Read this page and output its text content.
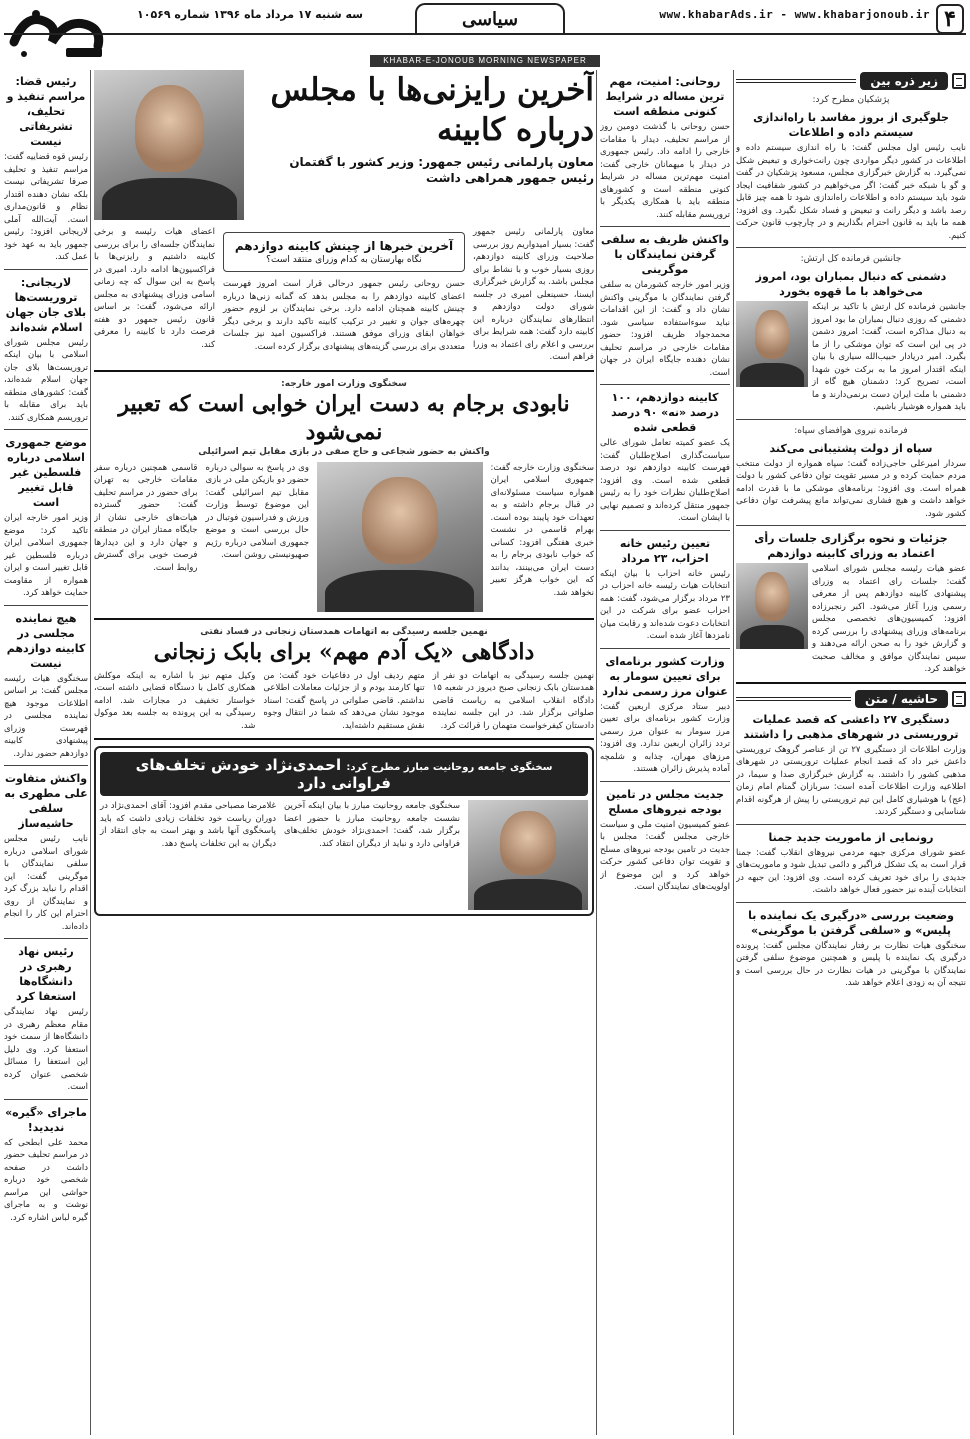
۴
www.khabarAds.ir - www.khabarjonoub.ir
سیاسی
سه شنبه ۱۷ مرداد ماه ۱۳۹۶ شماره ۱۰۵۶۹
KHABAR-E-JONOUB MORNING NEWSPAPER
زیر ذره بین
پژشکیان مطرح کرد:
جلوگیری از بروز مفاسد با راه‌اندازی سیستم داده و اطلاعات
نایب رئیس اول مجلس گفت: با راه اندازی سیستم داده و اطلاعات در کشور دیگر مواردی چون رانت‌خواری و تبعیض شکل نمی‌گیرد. به گزارش خبرگزاری مجلس، مسعود پزشکیان در گفت و گو با شبکه خبر گفت: اگر می‌خواهیم در کشور شفافیت ایجاد شود باید سیستم داده و اطلاعات راه‌اندازی شود تا همه چیز قابل رصد باشد و دیگر رانت و تبعیض و فساد شکل نگیرد. وی افزود: همه ما باید به قانون احترام بگذاریم و در چارچوب قانون حرکت کنیم.
جانشین فرمانده کل ارتش:
دشمنی که دنبال بمباران بود، امروز می‌خواهد با ما قهوه بخورد
جانشین فرمانده کل ارتش با تاکید بر اینکه دشمنی که روزی دنبال بمباران ما بود امروز به دنبال مذاکره است، گفت: امروز دشمن در پی این است که توان موشکی را از ما بگیرد. امیر دریادار حبیب‌الله سیاری با بیان اینکه اقتدار امروز ما به برکت خون شهدا است، تصریح کرد: دشمنان هیچ گاه از دشمنی با ملت ایران دست برنمی‌دارند و ما باید همواره هوشیار باشیم.
فرمانده نیروی هوافضای سپاه:
سپاه از دولت پشتیبانی می‌کند
سردار امیرعلی حاجی‌زاده گفت: سپاه همواره از دولت منتخب مردم حمایت کرده و در مسیر تقویت توان دفاعی کشور با دولت همراه است. وی افزود: برنامه‌های موشکی ما با قدرت ادامه خواهد داشت و هیچ فشاری نمی‌تواند مانع پیشرفت توان دفاعی کشور شود.
جزئیات و نحوه برگزاری جلسات رأی اعتماد به وزرای کابینه دوازدهم
عضو هیات رئیسه مجلس شورای اسلامی گفت: جلسات رای اعتماد به وزرای پیشنهادی کابینه دوازدهم پس از معرفی رسمی وزرا آغاز می‌شود. اکبر رنجبرزاده افزود: کمیسیون‌های تخصصی مجلس برنامه‌های وزرای پیشنهادی را بررسی کرده و گزارش خود را به صحن ارائه می‌دهند و سپس نمایندگان موافق و مخالف صحبت خواهند کرد.
حاشیه / متن
دستگیری ۲۷ داعشی که قصد عملیات تروریستی در شهرهای مذهبی را داشتند
وزارت اطلاعات از دستگیری ۲۷ تن از عناصر گروهک تروریستی داعش خبر داد که قصد انجام عملیات تروریستی در شهرهای مذهبی کشور را داشتند. به گزارش خبرگزاری صدا و سیما، در اطلاعیه وزارت اطلاعات آمده است: سربازان گمنام امام زمان (عج) با هوشیاری کامل این تیم تروریستی را پیش از هرگونه اقدام شناسایی و دستگیر کردند.
رونمایی از ماموریت جدید جمنا
عضو شورای مرکزی جبهه مردمی نیروهای انقلاب گفت: جمنا قرار است به یک تشکل فراگیر و دائمی تبدیل شود و ماموریت‌های جدیدی را برای خود تعریف کرده است. وی افزود: این جبهه در انتخابات آینده نیز حضور فعال خواهد داشت.
وضعیت بررسی «درگیری یک نماینده با پلیس» و «سلفی گرفتن با موگرینی»
سخنگوی هیات نظارت بر رفتار نمایندگان مجلس گفت: پرونده درگیری یک نماینده با پلیس و همچنین موضوع سلفی گرفتن نمایندگان با موگرینی در هیات نظارت در حال بررسی است و نتیجه آن به زودی اعلام خواهد شد.
روحانی: امنیت، مهم ترین مساله در شرایط کنونی منطقه است
حسن روحانی با گذشت دومین روز از مراسم تحلیف، دیدار با مقامات خارجی را ادامه داد. رئیس جمهوری در دیدار با میهمانان خارجی گفت: امنیت مهم‌ترین مساله در شرایط کنونی منطقه است و کشورهای منطقه باید با همکاری یکدیگر با تروریسم مقابله کنند.
واکنش ظریف به سلفی گرفتن نمایندگان با موگرینی
وزیر امور خارجه کشورمان به سلفی گرفتن نمایندگان با موگرینی واکنش نشان داد و گفت: از این اقدامات نباید سوءاستفاده سیاسی شود. محمدجواد ظریف افزود: حضور مقامات خارجی در مراسم تحلیف نشان دهنده جایگاه ایران در جهان است.
کابینه دوازدهم، ۱۰۰ درصد «نه» ۹۰ درصد قطعی شده
یک عضو کمیته تعامل شورای عالی سیاست‌گذاری اصلاح‌طلبان گفت: فهرست کابینه دوازدهم نود درصد قطعی شده است. وی افزود: اصلاح‌طلبان نظرات خود را به رئیس جمهور منتقل کرده‌اند و تصمیم نهایی با ایشان است.
تعیین رئیس خانه احزاب، ۲۳ مرداد
رئیس خانه احزاب با بیان اینکه انتخابات هیات رئیسه خانه احزاب در ۲۳ مرداد برگزار می‌شود، گفت: همه احزاب عضو برای شرکت در این انتخابات دعوت شده‌اند و رقابت میان نامزدها آغاز شده است.
وزارت کشور برنامه‌ای برای تعیین سومار به عنوان مرز رسمی ندارد
دبیر ستاد مرکزی اربعین گفت: وزارت کشور برنامه‌ای برای تعیین مرز سومار به عنوان مرز رسمی تردد زائران اربعین ندارد. وی افزود: مرزهای مهران، چذابه و شلمچه آماده پذیرش زائران هستند.
جدیت مجلس در تامین بودجه نیروهای مسلح
عضو کمیسیون امنیت ملی و سیاست خارجی مجلس گفت: مجلس با جدیت در تامین بودجه نیروهای مسلح و تقویت توان دفاعی کشور حرکت خواهد کرد و این موضوع از اولویت‌های نمایندگان است.
آخرین رایزنی‌ها با مجلس درباره کابینه
معاون پارلمانی رئیس جمهور: وزیر کشور با گفتمان رئیس جمهور همراهی داشت
معاون پارلمانی رئیس جمهور گفت: بسیار امیدواریم روز بررسی صلاحیت وزرای کابینه دوازدهم، روزی بسیار خوب و با نشاط برای مجلس باشد. به گزارش خبرگزاری ایسنا، حسینعلی امیری در جلسه شورای دولت دوازدهم و انتظارهای نمایندگان درباره این کابینه دارد گفت: همه شرایط برای بررسی و اعلام رای اعتماد به وزرا فراهم است.
آخرین خبرها از چینش کابینه دوازدهم
نگاه بهارستان به کدام وزرای منتقد است؟
حسن روحانی رئیس جمهور درحالی قرار است امروز فهرست اعضای کابینه دوازدهم را به مجلس بدهد که گمانه زنی‌ها درباره چینش کابینه همچنان ادامه دارد. برخی نمایندگان بر لزوم حضور چهره‌های جوان و تغییر در ترکیب کابینه تاکید دارند و برخی دیگر خواهان ابقای وزرای موفق هستند. فراکسیون امید نیز جلسات متعددی برای بررسی گزینه‌های پیشنهادی برگزار کرده است.
اعضای هیات رئیسه و برخی نمایندگان جلسه‌ای را برای بررسی کابینه داشتیم و رایزنی‌ها با فراکسیون‌ها ادامه دارد. امیری در پاسخ به این سوال که چه زمانی اسامی وزرای پیشنهادی به مجلس ارائه می‌شود، گفت: بر اساس قانون رئیس جمهور دو هفته فرصت دارد تا کابینه را معرفی کند.
سخنگوی وزارت امور خارجه:
نابودی برجام به دست ایران خوابی است که تعبیر نمی‌شود
واکنش به حضور شجاعی و حاج صفی در بازی مقابل تیم اسرائیلی
سخنگوی وزارت خارجه گفت: جمهوری اسلامی ایران همواره سیاست مسئولانه‌ای در قبال برجام داشته و به تعهدات خود پایبند بوده است. بهرام قاسمی در نشست خبری هفتگی افزود: کسانی که خواب نابودی برجام را به دست ایران می‌بینند، بدانند که این خواب هرگز تعبیر نخواهد شد.
وی در پاسخ به سوالی درباره حضور دو بازیکن ملی در بازی مقابل تیم اسرائیلی گفت: این موضوع توسط وزارت ورزش و فدراسیون فوتبال در حال بررسی است و موضع جمهوری اسلامی درباره رژیم صهیونیستی روشن است.
قاسمی همچنین درباره سفر مقامات خارجی به تهران برای حضور در مراسم تحلیف گفت: حضور گسترده هیات‌های خارجی نشان از جایگاه ممتاز ایران در منطقه و جهان دارد و این دیدارها فرصت خوبی برای گسترش روابط است.
نهمین جلسه رسیدگی به اتهامات همدستان زنجانی در فساد نفتی
دادگاهی «یک آدم مهم» برای بابک زنجانی
نهمین جلسه رسیدگی به اتهامات دو نفر از همدستان بابک زنجانی صبح دیروز در شعبه ۱۵ دادگاه انقلاب اسلامی به ریاست قاضی صلواتی برگزار شد. در این جلسه نماینده دادستان کیفرخواست متهمان را قرائت کرد.
متهم ردیف اول در دفاعیات خود گفت: من تنها کارمند بودم و از جزئیات معاملات اطلاعی نداشتم. قاضی صلواتی در پاسخ گفت: اسناد موجود نشان می‌دهد که شما در انتقال وجوه نقش مستقیم داشته‌اید.
وکیل متهم نیز با اشاره به اینکه موکلش همکاری کامل با دستگاه قضایی داشته است، خواستار تخفیف در مجازات شد. ادامه رسیدگی به این پرونده به جلسه بعد موکول شد.
سخنگوی جامعه روحانیت مبارز مطرح کرد: احمدی‌نژاد خودش تخلف‌های فراوانی دارد
سخنگوی جامعه روحانیت مبارز با بیان اینکه آخرین نشست جامعه روحانیت مبارز با حضور اعضا برگزار شد، گفت: احمدی‌نژاد خودش تخلف‌های فراوانی دارد و نباید از دیگران انتقاد کند.
غلامرضا مصباحی مقدم افزود: آقای احمدی‌نژاد در دوران ریاست خود تخلفات زیادی داشت که باید پاسخگوی آنها باشد و بهتر است به جای انتقاد از دیگران به این تخلفات پاسخ دهد.
رئیس قضا: مراسم تنفیذ و تحلیف، تشریفاتی نیست
رئیس قوه قضاییه گفت: مراسم تنفیذ و تحلیف صرفا تشریفاتی نیست بلکه نشان دهنده اقتدار نظام و قانون‌مداری است. آیت‌الله آملی لاریجانی افزود: رئیس جمهور باید به عهد خود عمل کند.
لاریجانی: تروریست‌ها بلای جان جهان اسلام شده‌اند
رئیس مجلس شورای اسلامی با بیان اینکه تروریست‌ها بلای جان جهان اسلام شده‌اند، گفت: کشورهای منطقه باید برای مقابله با تروریسم همکاری کنند.
موضع جمهوری اسلامی درباره فلسطین غیر قابل تغییر است
وزیر امور خارجه ایران تاکید کرد: موضع جمهوری اسلامی ایران درباره فلسطین غیر قابل تغییر است و ایران همواره از مقاومت حمایت خواهد کرد.
هیچ نماینده مجلسی در کابینه دوازدهم نیست
سخنگوی هیات رئیسه مجلس گفت: بر اساس اطلاعات موجود هیچ نماینده مجلسی در فهرست وزرای پیشنهادی کابینه دوازدهم حضور ندارد.
واکنش متفاوت علی مطهری به سلفی حاشیه‌ساز
نایب رئیس مجلس شورای اسلامی درباره سلفی نمایندگان با موگرینی گفت: این اقدام را نباید بزرگ کرد و نمایندگان از روی احترام این کار را انجام داده‌اند.
رئیس نهاد رهبری در دانشگاه‌ها استعفا کرد
رئیس نهاد نمایندگی مقام معظم رهبری در دانشگاه‌ها از سمت خود استعفا کرد. وی دلیل این استعفا را مسائل شخصی عنوان کرده است.
ماجرای «گیره» ندیدید!
محمد علی ابطحی که در مراسم تحلیف حضور داشت در صفحه شخصی خود درباره حواشی این مراسم نوشت و به ماجرای گیره لباس اشاره کرد.
